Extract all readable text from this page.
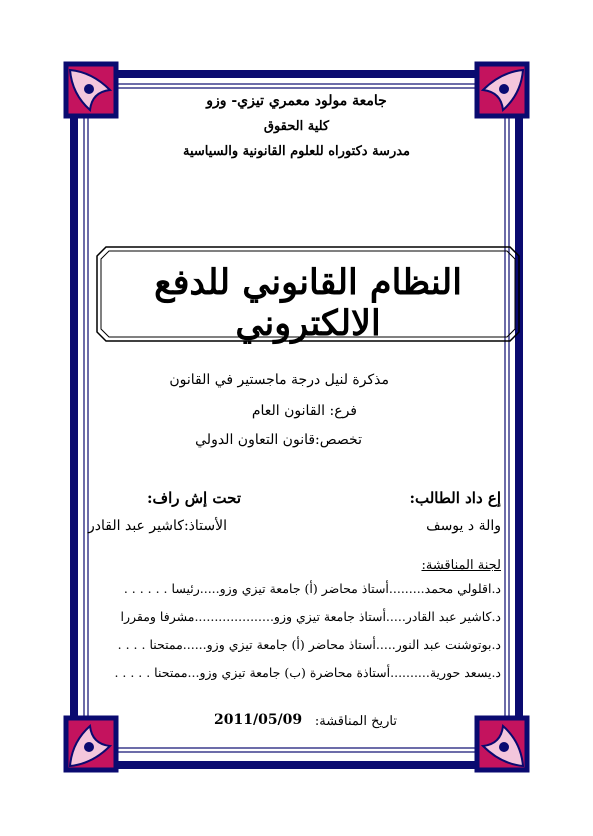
جامعة مولود معمري تيزي- وزو
كلية الحقوق
مدرسة دكتوراه للعلوم القانونية والسياسية
النظام القانوني للدفع الالكتروني
مذكرة لنيل درجة ماجستير في القانون
فرع: القانون العام
تخصص:قانون التعاون الدولي
إع داد الطالب:
والة د يوسف
تحت إش راف:
الأستاذ:كاشير عبد القادر
لجنة المناقشة:
د.اقلولي محمد.........أستاذ محاضر (أ) جامعة تيزي وزو.....رئيسا . . . . . .
د.كاشير عبد القادر.....أستاذ جامعة تيزي وزو....................مشرفا ومقررا
د.بوتوشنت عبد النور.....أستاذ محاضر (أ) جامعة تيزي وزو......ممتحنا . . . .
د.يسعد حورية..........أستاذة محاضرة (ب) جامعة تيزي وزو...ممتحنا . . . . .
تاريخ المناقشة:
2011/05/09
